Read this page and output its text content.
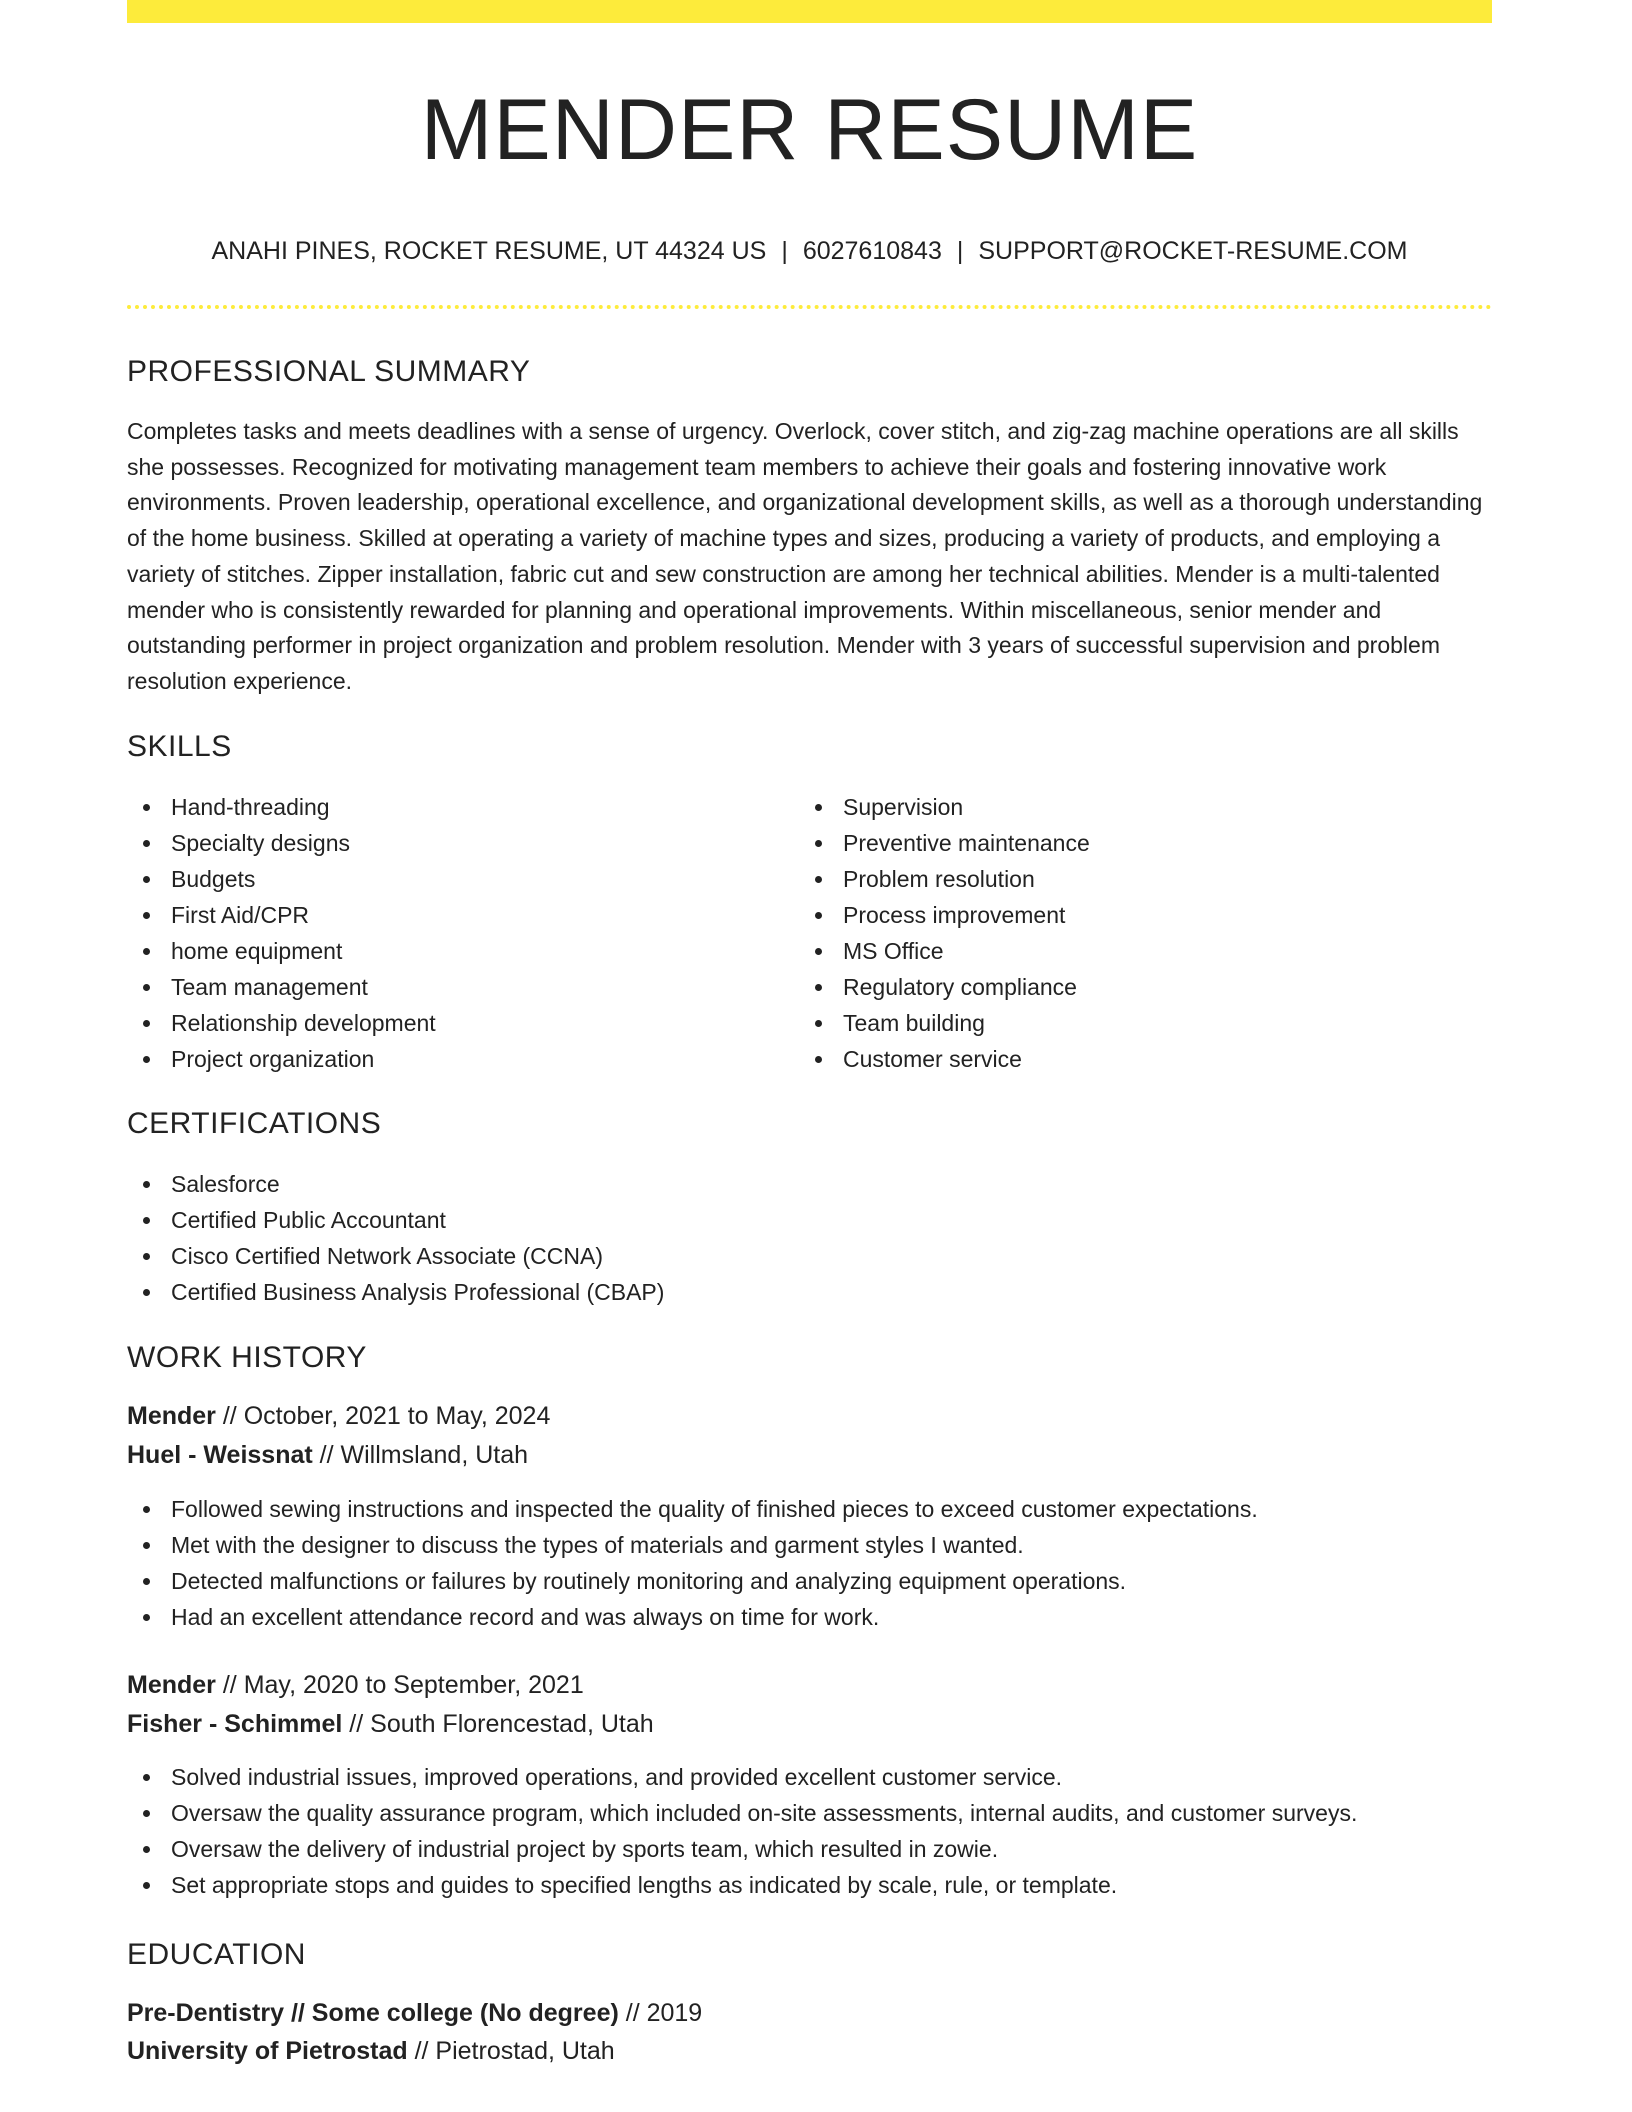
MENDER RESUME
ANAHI PINES, ROCKET RESUME, UT 44324 US | 6027610843 | SUPPORT@ROCKET-RESUME.COM
PROFESSIONAL SUMMARY
Completes tasks and meets deadlines with a sense of urgency. Overlock, cover stitch, and zig-zag machine operations are all skills she possesses. Recognized for motivating management team members to achieve their goals and fostering innovative work environments. Proven leadership, operational excellence, and organizational development skills, as well as a thorough understanding of the home business. Skilled at operating a variety of machine types and sizes, producing a variety of products, and employing a variety of stitches. Zipper installation, fabric cut and sew construction are among her technical abilities. Mender is a multi-talented mender who is consistently rewarded for planning and operational improvements. Within miscellaneous, senior mender and outstanding performer in project organization and problem resolution. Mender with 3 years of successful supervision and problem resolution experience.
SKILLS
Hand-threading
Specialty designs
Budgets
First Aid/CPR
home equipment
Team management
Relationship development
Project organization
Supervision
Preventive maintenance
Problem resolution
Process improvement
MS Office
Regulatory compliance
Team building
Customer service
CERTIFICATIONS
Salesforce
Certified Public Accountant
Cisco Certified Network Associate (CCNA)
Certified Business Analysis Professional (CBAP)
WORK HISTORY
Mender // October, 2021 to May, 2024
Huel - Weissnat // Willmsland, Utah
Followed sewing instructions and inspected the quality of finished pieces to exceed customer expectations.
Met with the designer to discuss the types of materials and garment styles I wanted.
Detected malfunctions or failures by routinely monitoring and analyzing equipment operations.
Had an excellent attendance record and was always on time for work.
Mender // May, 2020 to September, 2021
Fisher - Schimmel // South Florencestad, Utah
Solved industrial issues, improved operations, and provided excellent customer service.
Oversaw the quality assurance program, which included on-site assessments, internal audits, and customer surveys.
Oversaw the delivery of industrial project by sports team, which resulted in zowie.
Set appropriate stops and guides to specified lengths as indicated by scale, rule, or template.
EDUCATION
Pre-Dentistry // Some college (No degree) // 2019
University of Pietrostad // Pietrostad, Utah
